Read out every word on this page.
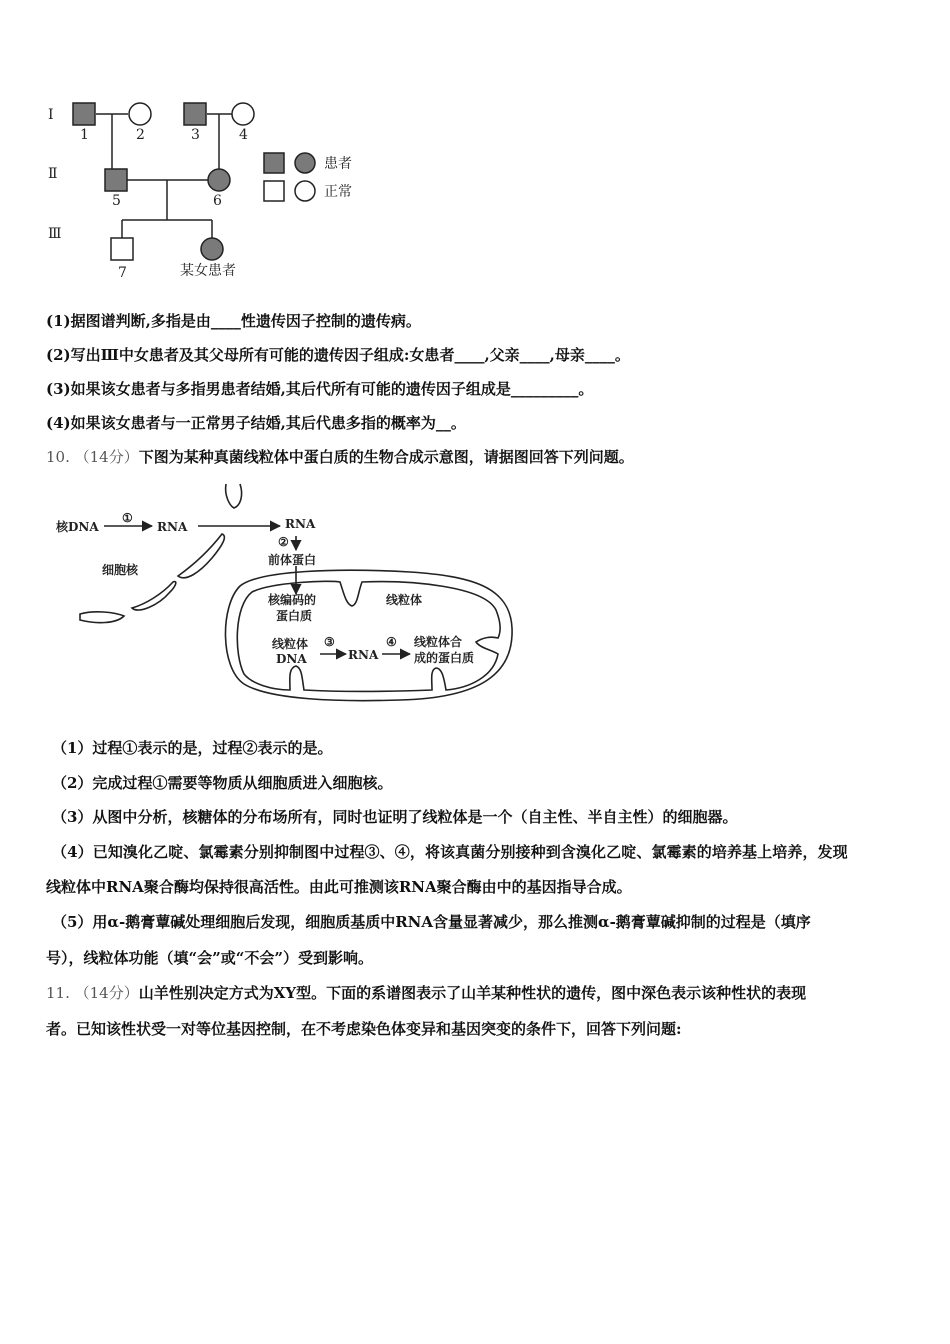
Ⅰ
Ⅱ
Ⅲ
1	2	3	4
5	6
7	某女患者
患者
正常
(1)据图谱判断,多指是由____性遗传因子控制的遗传病。
(2)写出Ⅲ中女患者及其父母所有可能的遗传因子组成:女患者____,父亲____,母亲____。
(3)如果该女患者与多指男患者结婚,其后代所有可能的遗传因子组成是_________。
(4)如果该女患者与一正常男子结婚,其后代患多指的概率为__。
10. （14分）下图为某种真菌线粒体中蛋白质的生物合成示意图，请据图回答下列问题。
核DNA
①
RNA	RNA
②
前体蛋白
细胞核
核编码的
蛋白质
线粒体
线粒体
DNA
③
RNA
④ 线粒体合
成的蛋白质
（1）过程①表示的是，过程②表示的是。
（2）完成过程①需要等物质从细胞质进入细胞核。
（3）从图中分析，核糖体的分布场所有，同时也证明了线粒体是一个（自主性、半自主性）的细胞器。
（4）已知溴化乙啶、氯霉素分别抑制图中过程③、④，将该真菌分别接种到含溴化乙啶、氯霉素的培养基上培养，发现
线粒体中RNA聚合酶均保持很高活性。由此可推测该RNA聚合酶由中的基因指导合成。
（5）用α-鹅膏蕈碱处理细胞后发现，细胞质基质中RNA含量显著减少，那么推测α-鹅膏蕈碱抑制的过程是（填序
号），线粒体功能（填“会”或“不会”）受到影响。
11. （14分）山羊性别决定方式为XY型。下面的系谱图表示了山羊某种性状的遗传，图中深色表示该种性状的表现
者。已知该性状受一对等位基因控制，在不考虑染色体变异和基因突变的条件下，回答下列问题:
